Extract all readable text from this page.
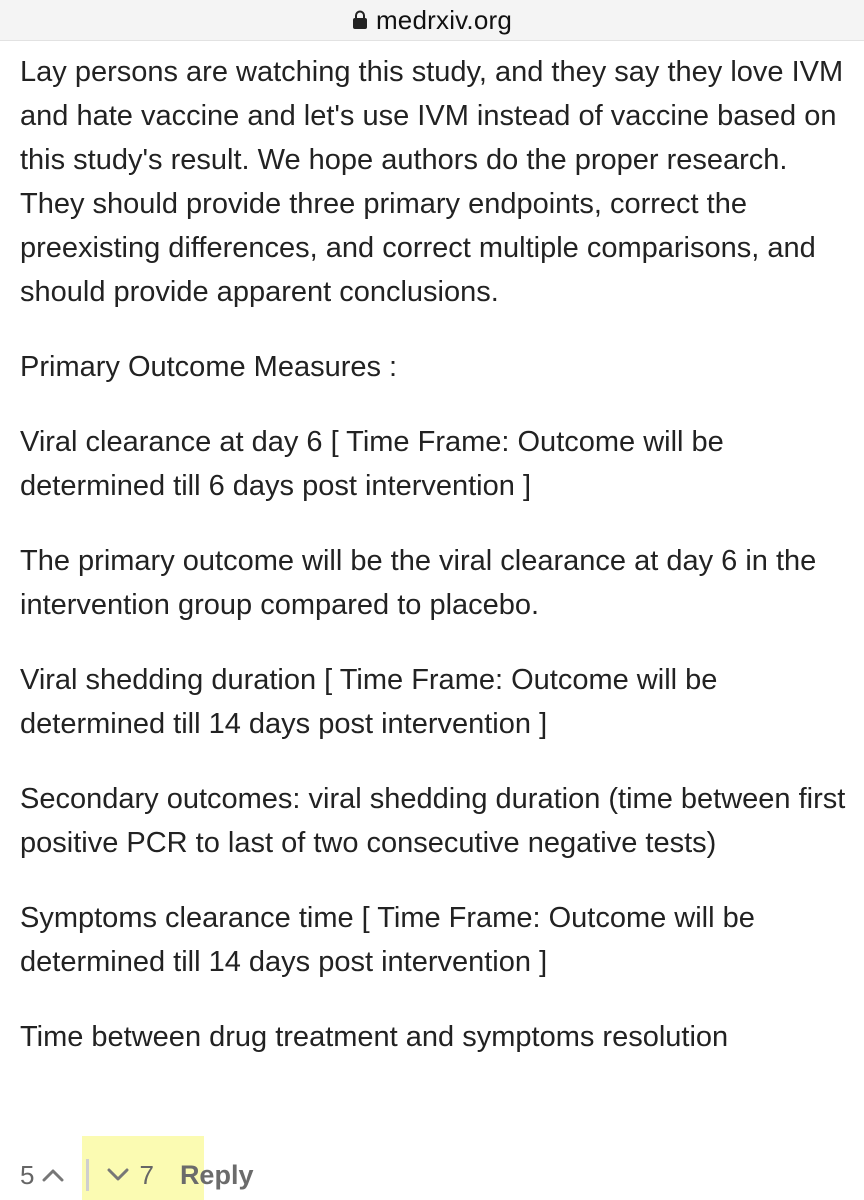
medrxiv.org

Lay persons are watching this study, and they say they love IVM and hate vaccine and let's use IVM instead of vaccine based on this study's result. We hope authors do the proper research. They should provide three primary endpoints, correct the preexisting differences, and correct multiple comparisons, and should provide apparent conclusions.

Primary Outcome Measures :

Viral clearance at day 6 [ Time Frame: Outcome will be determined till 6 days post intervention ]

The primary outcome will be the viral clearance at day 6 in the intervention group compared to placebo.

Viral shedding duration [ Time Frame: Outcome will be determined till 14 days post intervention ]

Secondary outcomes: viral shedding duration (time between first positive PCR to last of two consecutive negative tests)

Symptoms clearance time [ Time Frame: Outcome will be determined till 14 days post intervention ]

Time between drug treatment and symptoms resolution

5	7 Reply
